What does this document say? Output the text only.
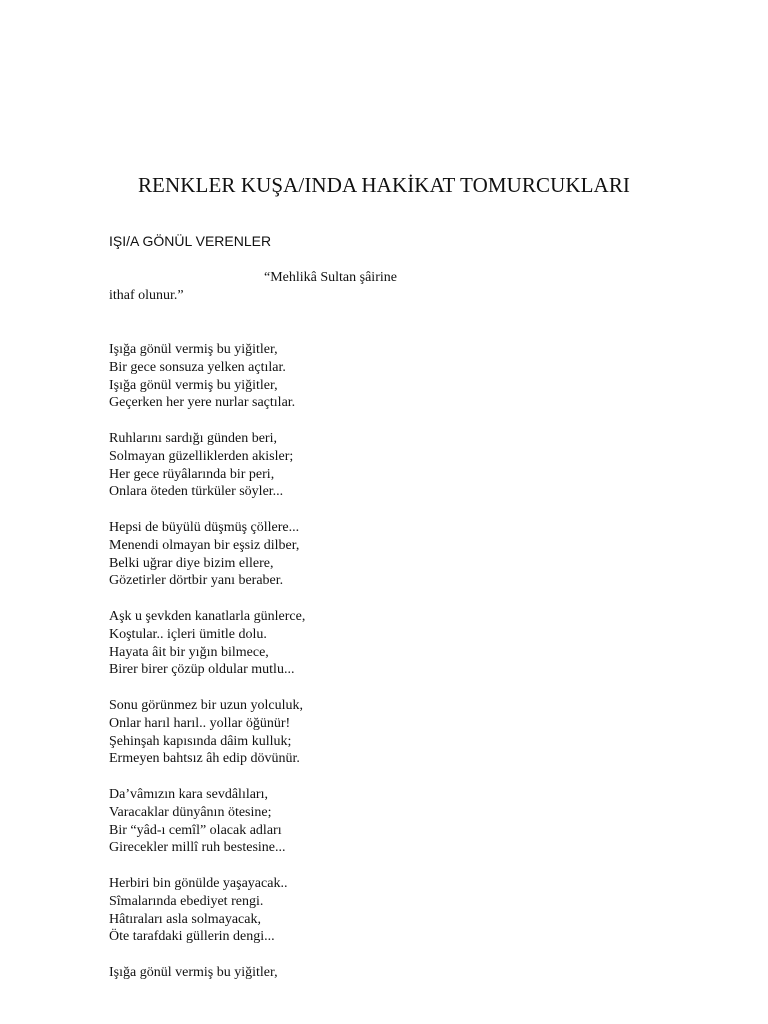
RENKLER KUŞA/INDA HAKİKAT TOMURCUKLARI
IŞI/A GÖNÜL VERENLER
“Mehlikâ Sultan şâirine
ithaf olunur.”
Işığa gönül vermiş bu yiğitler,
Bir gece sonsuza yelken açtılar.
Işığa gönül vermiş bu yiğitler,
Geçerken her yere nurlar saçtılar.
Ruhlarını sardığı günden beri,
Solmayan güzelliklerden akisler;
Her gece rüyâlarında bir peri,
Onlara öteden türküler söyler...
Hepsi de büyülü düşmüş çöllere...
Menendi olmayan bir eşsiz dilber,
Belki uğrar diye bizim ellere,
Gözetirler dörtbir yanı beraber.
Aşk u şevkden kanatlarla günlerce,
Koştular.. içleri ümitle dolu.
Hayata âit bir yığın bilmece,
Birer birer çözüp oldular mutlu...
Sonu görünmez bir uzun yolculuk,
Onlar harıl harıl.. yollar öğünür!
Şehinşah kapısında dâim kulluk;
Ermeyen bahtsız âh edip dövünür.
Da’vâmızın kara sevdâlıları,
Varacaklar dünyânın ötesine;
Bir “yâd-ı cemîl” olacak adları
Girecekler millî ruh bestesine...
Herbiri bin gönülde yaşayacak..
Sîmalarında ebediyet rengi.
Hâtıraları asla solmayacak,
Öte tarafdaki güllerin dengi...
Işığa gönül vermiş bu yiğitler,
